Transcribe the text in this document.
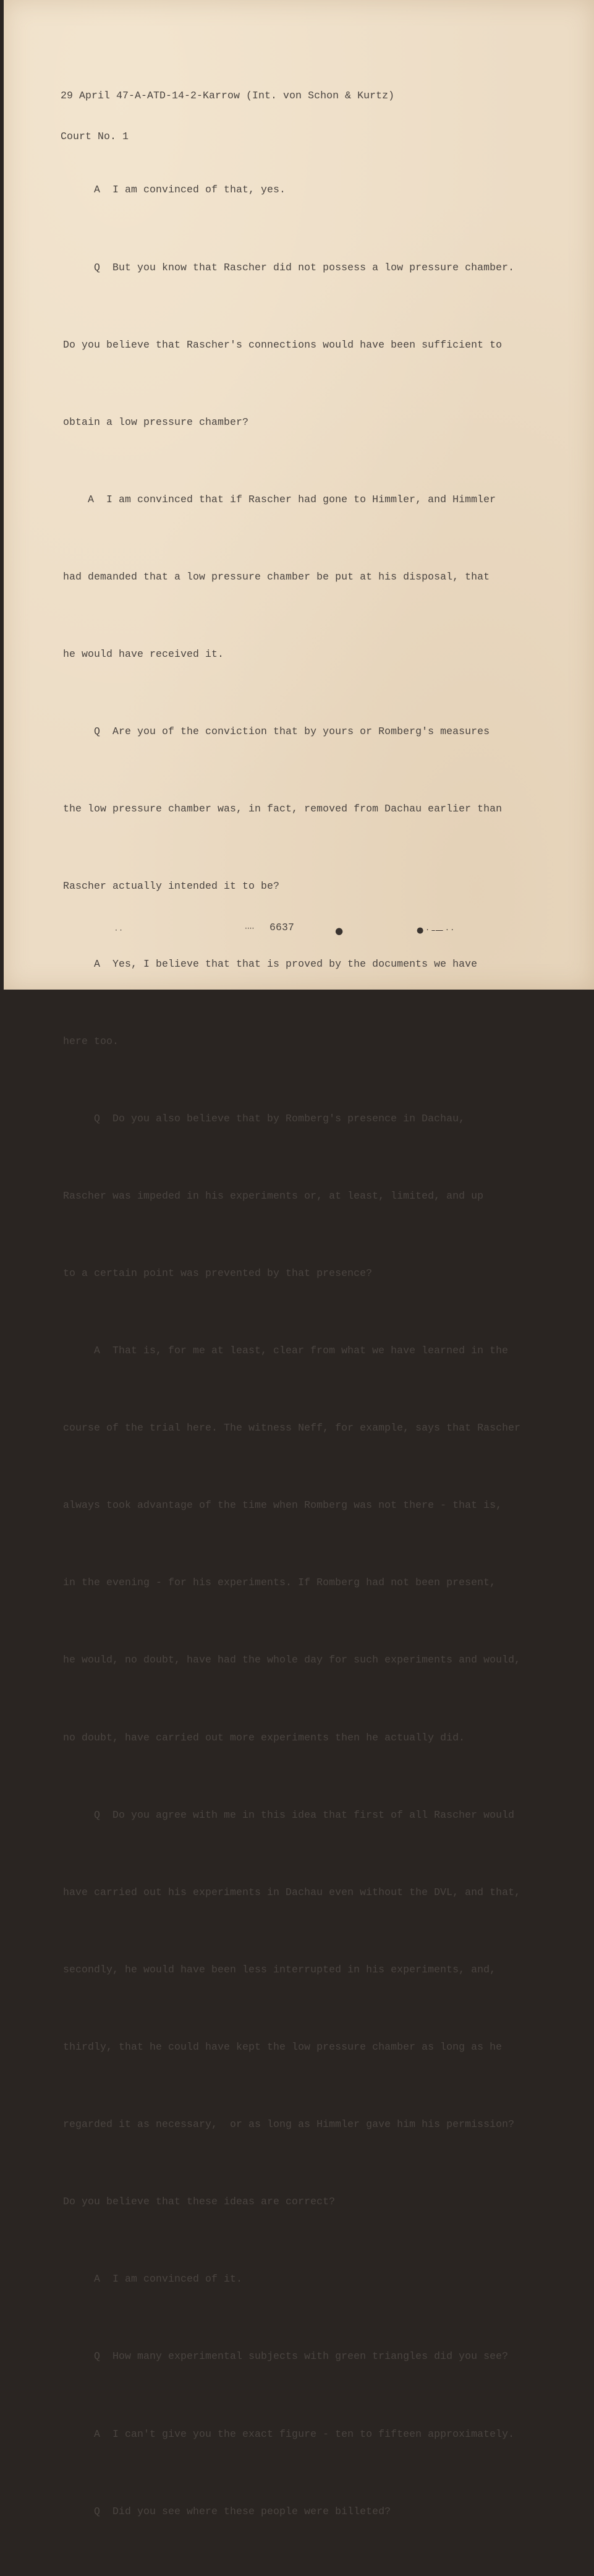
29 April 47-A-ATD-14-2-Karrow (Int. von Schon & Kurtz)

Court No. 1

A  I am convinced of that, yes.

Q  But you know that Rascher did not possess a low pressure chamber.

Do you believe that Rascher's connections would have been sufficient to

obtain a low pressure chamber?

A  I am convinced that if Rascher had gone to Himmler, and Himmler

had demanded that a low pressure chamber be put at his disposal, that

he would have received it.

Q  Are you of the conviction that by yours or Romberg's measures

the low pressure chamber was, in fact, removed from Dachau earlier than

Rascher actually intended it to be?

A  Yes, I believe that that is proved by the documents we have

here too.

Q  Do you also believe that by Romberg's presence in Dachau,

Rascher was impeded in his experiments or, at least, limited, and up

to a certain point was prevented by that presence?

A  That is, for me at least, clear from what we have learned in the

course of the trial here. The witness Neff, for example, says that Rascher

always took advantage of the time when Romberg was not there - that is,

in the evening - for his experiments. If Romberg had not been present,

he would, no doubt, have had the whole day for such experiments and would,

no doubt, have carried out more experiments then he actually did.

Q  Do you agree with me in this idea that first of all Rascher would

have carried out his experiments in Dachau even without the DVL, and that,

secondly, he would have been less interrupted in his experiments, and,

thirdly, that he could have kept the low pressure chamber as long as he

regarded it as necessary,  or as long as Himmler gave him his permission?

Do you believe that these ideas are correct?

A  I am convinced of it.

Q  How many experimental subjects with green triangles did you see?

A  I can't give you the exact figure - ten to fifteen approximately.

Q  Did you see where these people were billeted?

6637
· ·	····	●	● · –— · ·
